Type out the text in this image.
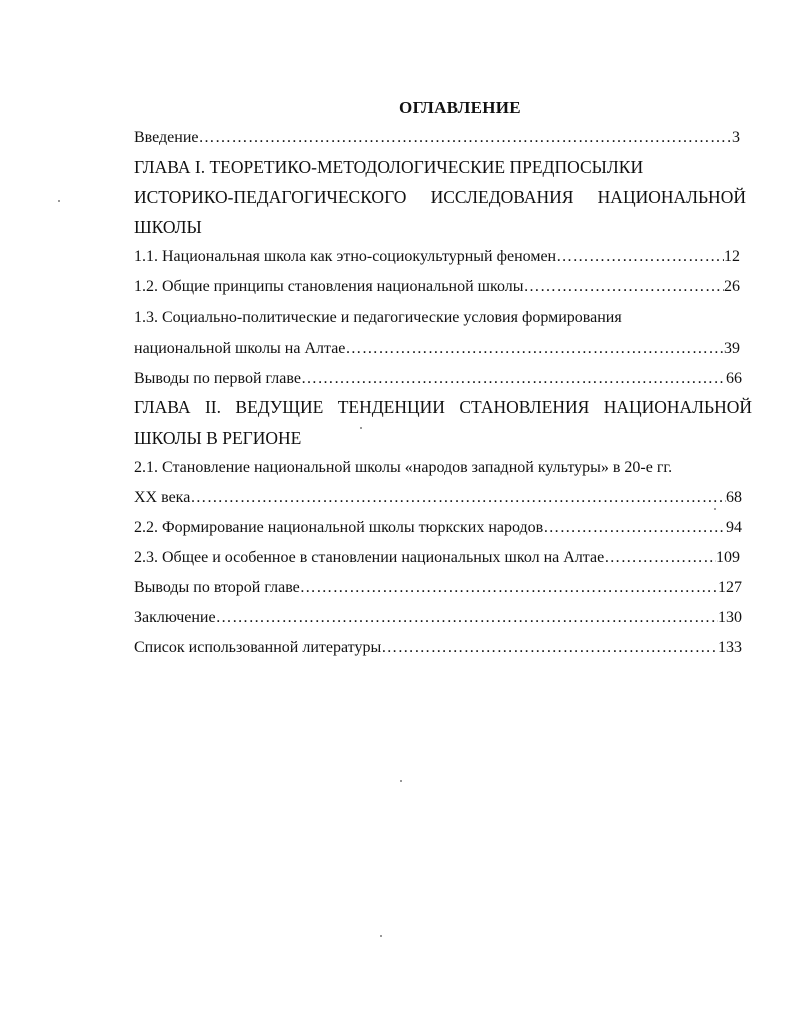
ОГЛАВЛЕНИЕ
Введение ……………………………………………………………………………………………………………………………………………………	3
ГЛАВА I. ТЕОРЕТИКО-МЕТОДОЛОГИЧЕСКИЕ ПРЕДПОСЫЛКИ
ИСТОРИКО-ПЕДАГОГИЧЕСКОГО ИССЛЕДОВАНИЯ НАЦИОНАЛЬНОЙ
ШКОЛЫ
1.1. Национальная школа как этно-социокультурный феномен ……………………………………………………………………………………………………………………………………………………	12
1.2. Общие принципы становления национальной школы ……………………………………………………………………………………………………………………………………………………	26
1.3. Социально-политические и педагогические условия формирования
национальной школы на Алтае ……………………………………………………………………………………………………………………………………………………	39
Выводы по первой главе ……………………………………………………………………………………………………………………………………………………	66
ГЛАВА II. ВЕДУЩИЕ ТЕНДЕНЦИИ СТАНОВЛЕНИЯ НАЦИОНАЛЬНОЙ
ШКОЛЫ В РЕГИОНЕ
2.1. Становление национальной школы «народов западной культуры» в 20-е гг.
XX века ……………………………………………………………………………………………………………………………………………………	68
2.2. Формирование национальной школы тюркских народов ……………………………………………………………………………………………………………………………………………………	94
2.3. Общее и особенное в становлении национальных школ на Алтае ……………………………………………………………………………………………………………………………………………………	109
Выводы по второй главе ……………………………………………………………………………………………………………………………………………………	127
Заключение ……………………………………………………………………………………………………………………………………………………	130
Список использованной литературы ……………………………………………………………………………………………………………………………………………………	133
